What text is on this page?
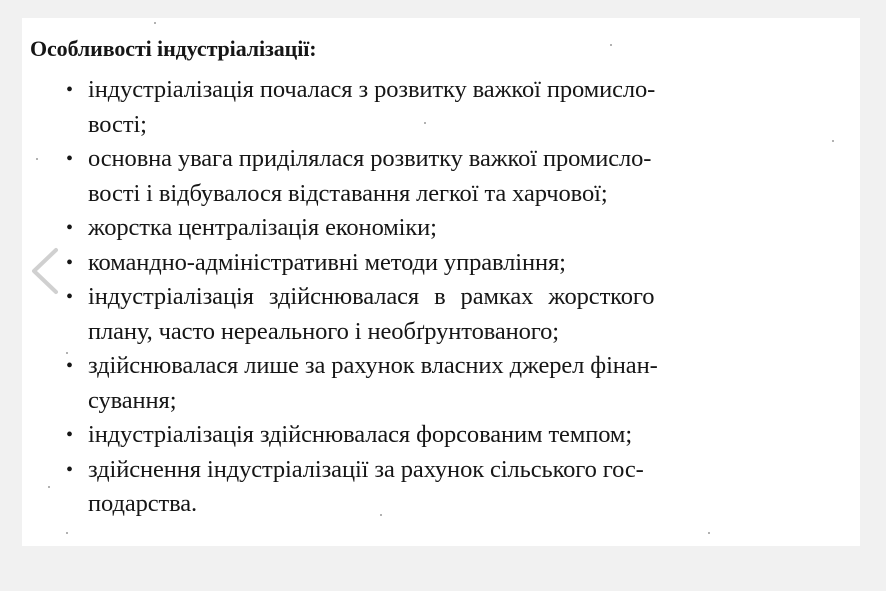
Особливості індустріалізації:
• індустріалізація почалася з розвитку важкої промисло-
вості;
• основна увага приділялася розвитку важкої промисло-
вості і відбувалося відставання легкої та харчової;
• жорстка централізація економіки;
• командно-адміністративні методи управління;
• індустріалізація здійснювалася в рамках жорсткого
плану, часто нереального і необґрунтованого;
• здійснювалася лише за рахунок власних джерел фінан-
сування;
• індустріалізація здійснювалася форсованим темпом;
• здійснення індустріалізації за рахунок сільського гос-
подарства.
